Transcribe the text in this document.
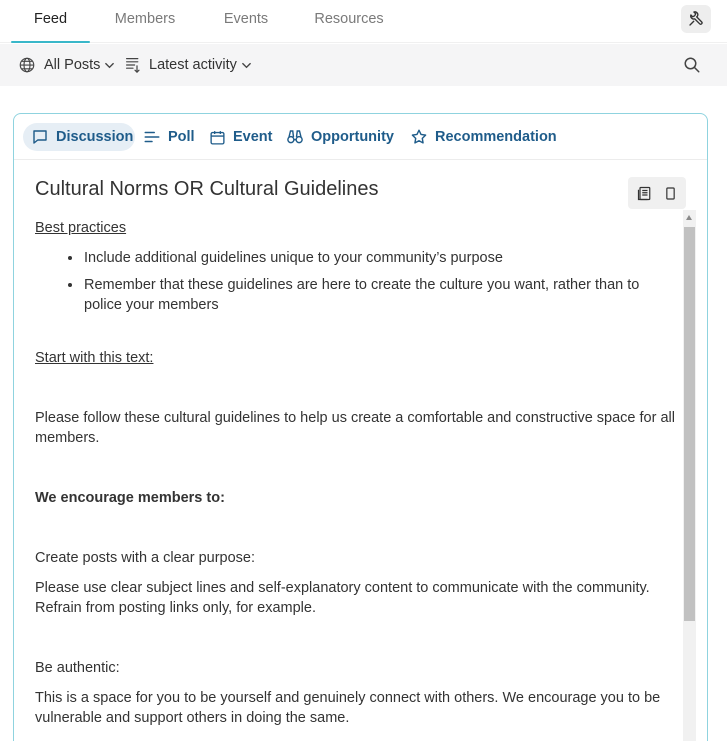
Feed	Members	Events	Resources
All Posts	Latest activity
Discussion Poll	Event	Opportunity	Recommendation
Cultural Norms OR Cultural Guidelines

Best practices

• Include additional guidelines unique to your community’s purpose
• Remember that these guidelines are here to create the culture you want, rather than to police your members

Start with this text:

Please follow these cultural guidelines to help us create a comfortable and constructive space for all members.

We encourage members to:

Create posts with a clear purpose:

Please use clear subject lines and self-explanatory content to communicate with the community. Refrain from posting links only, for example.

Be authentic:

This is a space for you to be yourself and genuinely connect with others. We encourage you to be vulnerable and support others in doing the same.
